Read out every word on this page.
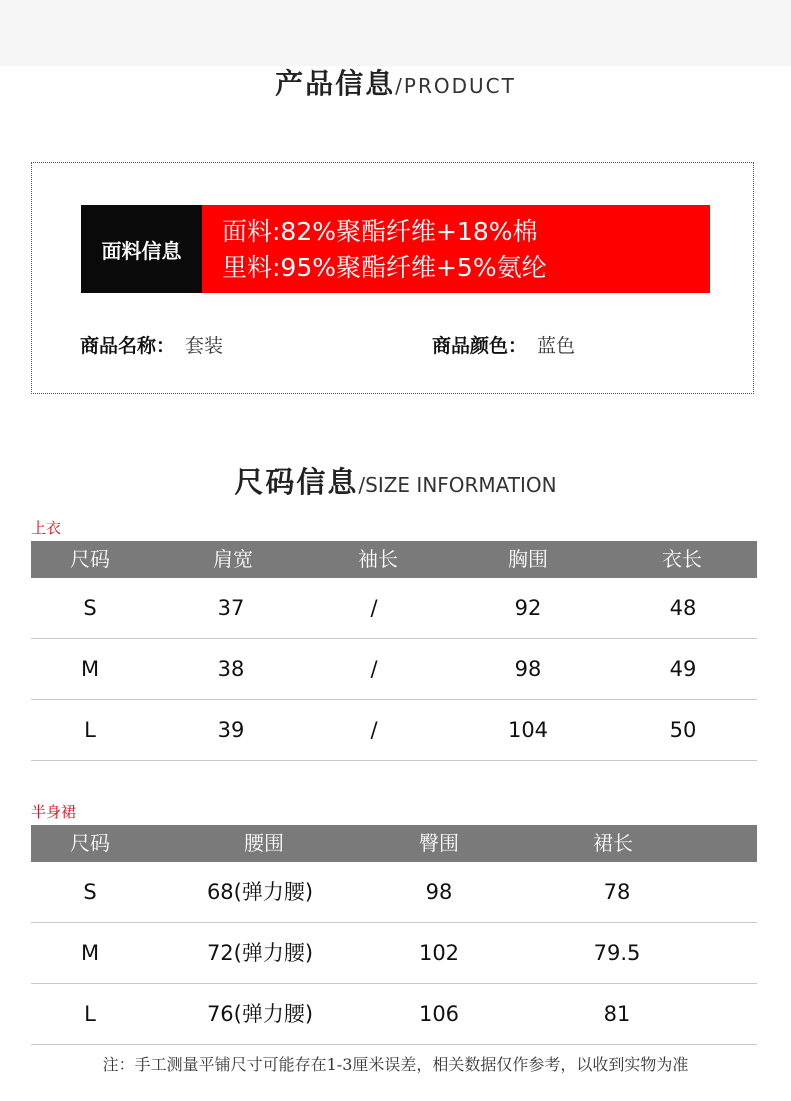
产品信息/PRODUCT
面料信息
面料:82%聚酯纤维+18%棉
里料:95%聚酯纤维+5%氨纶
商品名称： 套装	商品颜色： 蓝色
尺码信息/SIZE INFORMATION
上衣
尺码	肩宽	袖长	胸围	衣长
S	37	/	92	48
M	38	/	98	49
L	39	/	104	50
半身裙
尺码	腰围	臀围	裙长
S	68(弹力腰)	98	78
M	72(弹力腰)	102	79.5
L	76(弹力腰)	106	81
注：手工测量平铺尺寸可能存在1-3厘米误差，相关数据仅作参考，以收到实物为准
